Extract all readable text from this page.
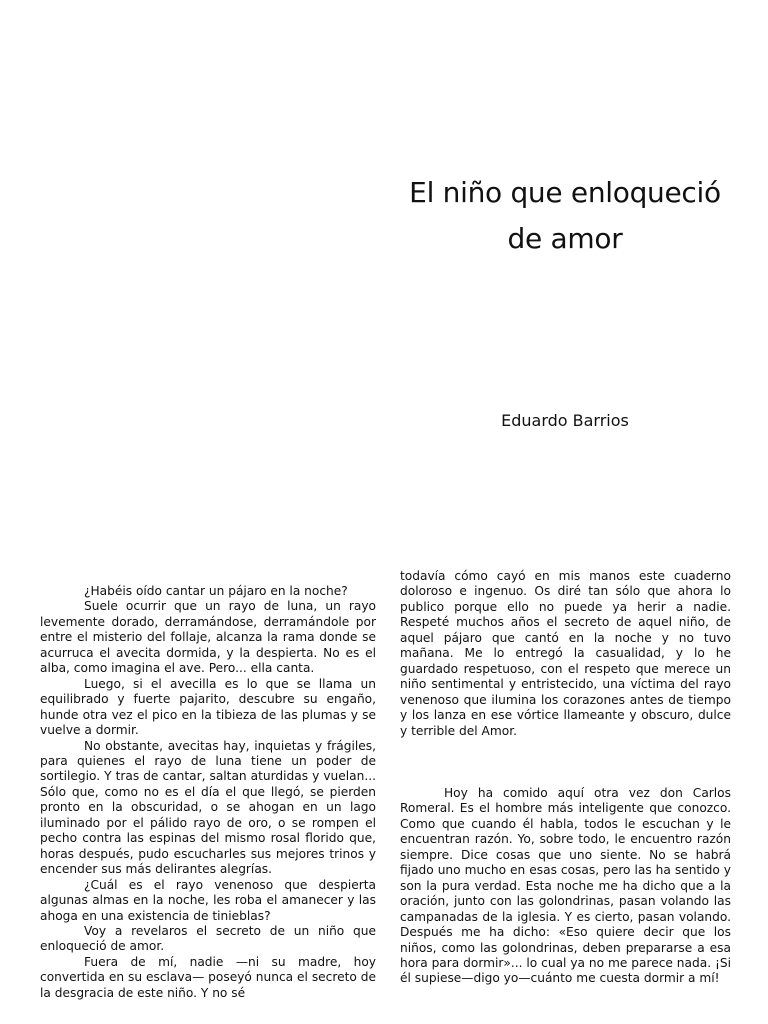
El niño que enloqueció
de amor
Eduardo Barrios

¿Habéis oído cantar un pájaro en la noche?

Suele ocurrir que un rayo de luna, un rayo levemente dorado, derramándose, derramándole por entre el misterio del follaje, alcanza la rama donde se acurruca el avecita dormida, y la despierta. No es el alba, como imagina el ave. Pero... ella canta.

Luego, si el avecilla es lo que se llama un equilibrado y fuerte pajarito, descubre su engaño, hunde otra vez el pico en la tibieza de las plumas y se vuelve a dormir.

No obstante, avecitas hay, inquietas y frágiles, para quienes el rayo de luna tiene un poder de sortilegio. Y tras de cantar, saltan aturdidas y vuelan... Sólo que, como no es el día el que llegó, se pierden pronto en la obscuridad, o se ahogan en un lago iluminado por el pálido rayo de oro, o se rompen el pecho contra las espinas del mismo rosal florido que, horas después, pudo escucharles sus mejores trinos y encender sus más delirantes alegrías.

¿Cuál es el rayo venenoso que despierta algunas almas en la noche, les roba el amanecer y las ahoga en una existencia de tinieblas?

Voy a revelaros el secreto de un niño que enloqueció de amor.

Fuera de mí, nadie —ni su madre, hoy convertida en su esclava— poseyó nunca el secreto de la desgracia de este niño. Y no sé

todavía cómo cayó en mis manos este cuaderno doloroso e ingenuo. Os diré tan sólo que ahora lo publico porque ello no puede ya herir a nadie. Respeté muchos años el secreto de aquel niño, de aquel pájaro que cantó en la noche y no tuvo mañana. Me lo entregó la casualidad, y lo he guardado respetuoso, con el respeto que merece un niño sentimental y entristecido, una víctima del rayo venenoso que ilumina los corazones antes de tiempo y los lanza en ese vórtice llameante y obscuro, dulce y terrible del Amor.

Hoy ha comido aquí otra vez don Carlos Romeral. Es el hombre más inteligente que conozco. Como que cuando él habla, todos le escuchan y le encuentran razón. Yo, sobre todo, le encuentro razón siempre. Dice cosas que uno siente. No se habrá fijado uno mucho en esas cosas, pero las ha sentido y son la pura verdad. Esta noche me ha dicho que a la oración, junto con las golondrinas, pasan volando las campanadas de la iglesia. Y es cierto, pasan volando. Después me ha dicho: «Eso quiere decir que los niños, como las golondrinas, deben prepararse a esa hora para dormir»... lo cual ya no me parece nada. ¡Si él supiese—digo yo—cuánto me cuesta dormir a mí!
